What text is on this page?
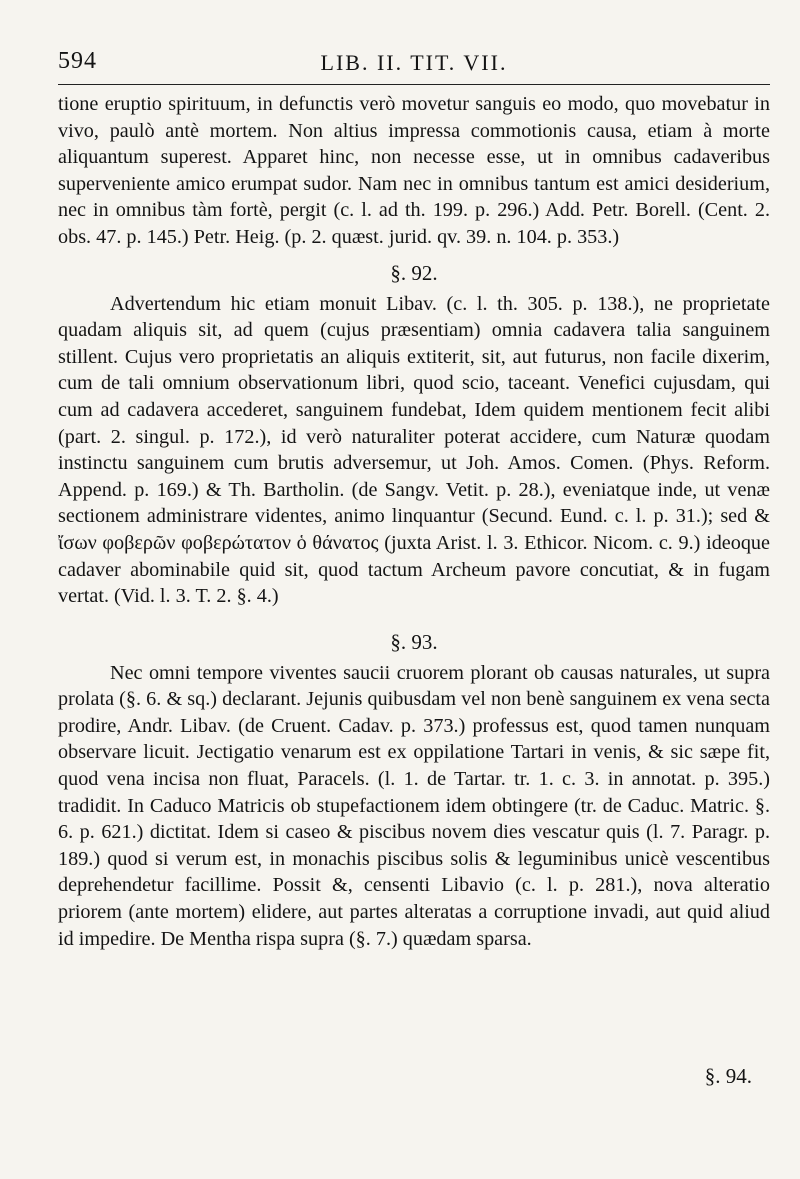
594	LIB. II. TIT. VII.

tione eruptio spirituum, in defunctis verò movetur sanguis eo modo, quo movebatur in vivo, paulò antè mortem. Non altius impressa commotionis causa, etiam à morte aliquantum superest. Apparet hinc, non necesse esse, ut in omnibus cadaveribus superveniente amico erumpat sudor. Nam nec in omnibus tantum est amici desiderium, nec in omnibus tàm fortè, pergit (c. l. ad th. 199. p. 296.) Add. Petr. Borell. (Cent. 2. obs. 47. p. 145.) Petr. Heig. (p. 2. quæst. jurid. qv. 39. n. 104. p. 353.)

§. 92.

Advertendum hic etiam monuit Libav. (c. l. th. 305. p. 138.), ne proprietate quadam aliquis sit, ad quem (cujus præsentiam) omnia cadavera talia sanguinem stillent. Cujus vero proprietatis an aliquis extiterit, sit, aut futurus, non facile dixerim, cum de tali omnium observationum libri, quod scio, taceant. Venefici cujusdam, qui cum ad cadavera accederet, sanguinem fundebat, Idem quidem mentionem fecit alibi (part. 2. singul. p. 172.), id verò naturaliter poterat accidere, cum Naturæ quodam instinctu sanguinem cum brutis adversemur, ut Joh. Amos. Comen. (Phys. Reform. Append. p. 169.) & Th. Bartholin. (de Sangv. Vetit. p. 28.), eveniatque inde, ut venæ sectionem administrare videntes, animo linquantur (Secund. Eund. c. l. p. 31.); sed & ἴσων φοβερῶν φοβερώτατον ὁ θάνατος (juxta Arist. l. 3. Ethicor. Nicom. c. 9.) ideoque cadaver abominabile quid sit, quod tactum Archeum pavore concutiat, & in fugam vertat. (Vid. l. 3. T. 2. §. 4.)

§. 93.

Nec omni tempore viventes saucii cruorem plorant ob causas naturales, ut supra prolata (§. 6. & sq.) declarant. Jejunis quibusdam vel non benè sanguinem ex vena secta prodire, Andr. Libav. (de Cruent. Cadav. p. 373.) professus est, quod tamen nunquam observare licuit. Jectigatio venarum est ex oppilatione Tartari in venis, & sic sæpe fit, quod vena incisa non fluat, Paracels. (l. 1. de Tartar. tr. 1. c. 3. in annotat. p. 395.) tradidit. In Caduco Matricis ob stupefactionem idem obtingere (tr. de Caduc. Matric. §. 6. p. 621.) dictitat. Idem si caseo & piscibus novem dies vescatur quis (l. 7. Paragr. p. 189.) quod si verum est, in monachis piscibus solis & leguminibus unicè vescentibus deprehendetur facillime. Possit &, censenti Libavio (c. l. p. 281.), nova alteratio priorem (ante mortem) elidere, aut partes alteratas a corruptione invadi, aut quid aliud id impedire. De Mentha rispa supra (§. 7.) quædam sparsa.

§. 94.
